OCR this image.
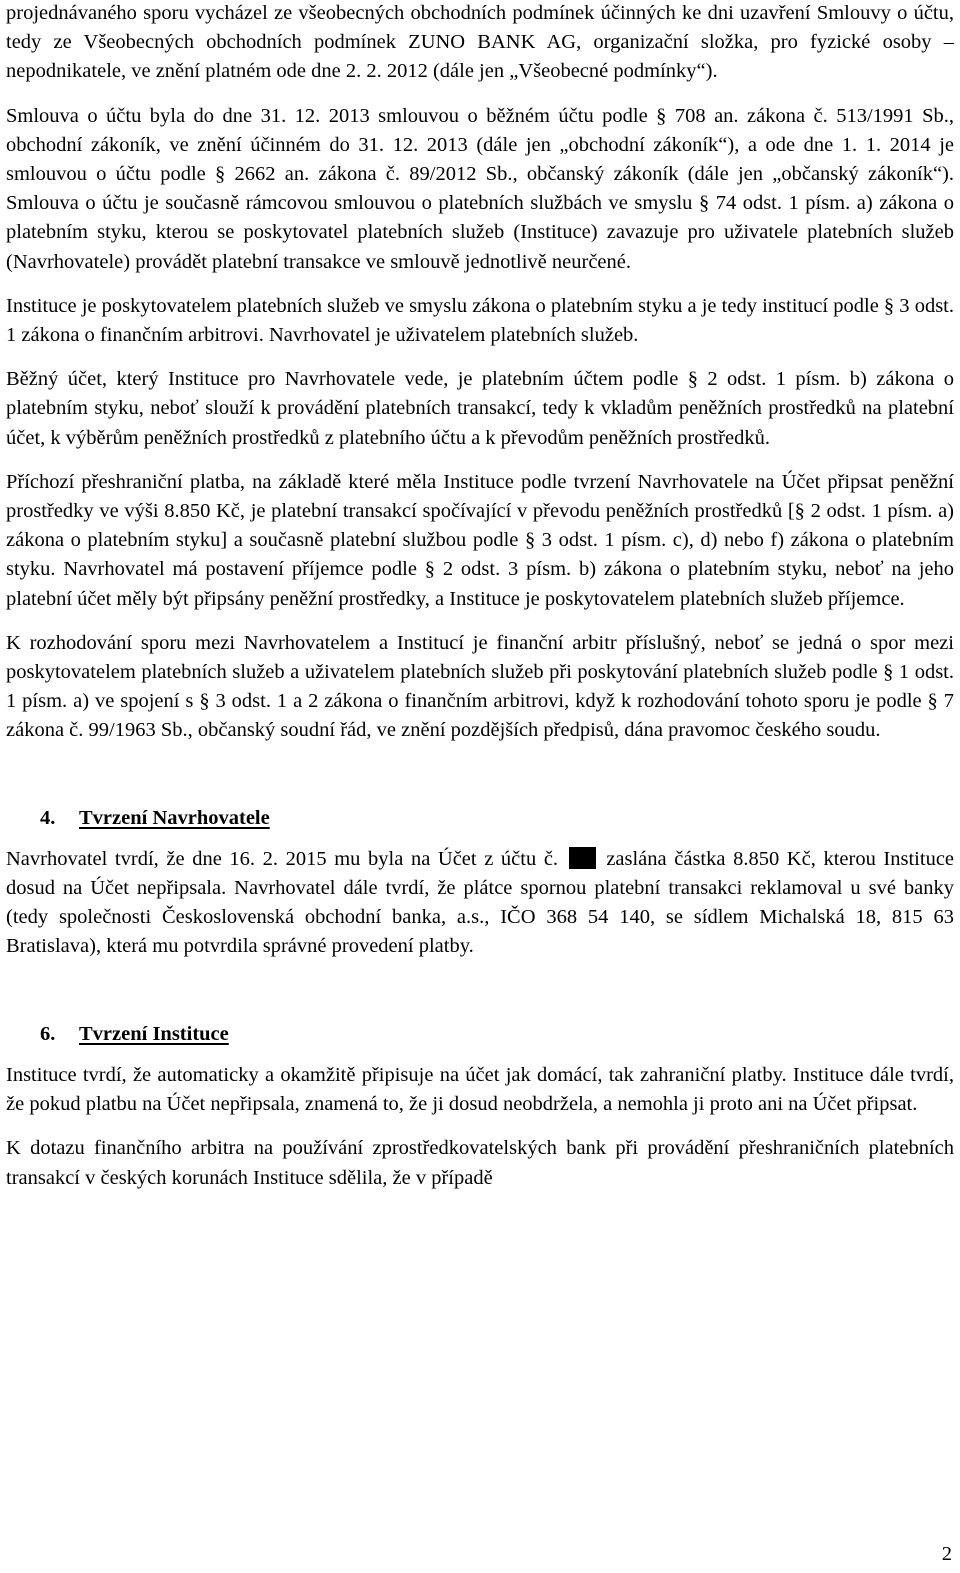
projednávaného sporu vycházel ze všeobecných obchodních podmínek účinných ke dni uzavření Smlouvy o účtu, tedy ze Všeobecných obchodních podmínek ZUNO BANK AG, organizační složka, pro fyzické osoby – nepodnikatele, ve znění platném ode dne 2. 2. 2012 (dále jen „Všeobecné podmínky“).

Smlouva o účtu byla do dne 31. 12. 2013 smlouvou o běžném účtu podle § 708 an. zákona č. 513/1991 Sb., obchodní zákoník, ve znění účinném do 31. 12. 2013 (dále jen „obchodní zákoník“), a ode dne 1. 1. 2014 je smlouvou o účtu podle § 2662 an. zákona č. 89/2012 Sb., občanský zákoník (dále jen „občanský zákoník“). Smlouva o účtu je současně rámcovou smlouvou o platebních službách ve smyslu § 74 odst. 1 písm. a) zákona o platebním styku, kterou se poskytovatel platebních služeb (Instituce) zavazuje pro uživatele platebních služeb (Navrhovatele) provádět platební transakce ve smlouvě jednotlivě neurčené.

Instituce je poskytovatelem platebních služeb ve smyslu zákona o platebním styku a je tedy institucí podle § 3 odst. 1 zákona o finančním arbitrovi. Navrhovatel je uživatelem platebních služeb.

Běžný účet, který Instituce pro Navrhovatele vede, je platebním účtem podle § 2 odst. 1 písm. b) zákona o platebním styku, neboť slouží k provádění platebních transakcí, tedy k vkladům peněžních prostředků na platební účet, k výběrům peněžních prostředků z platebního účtu a k převodům peněžních prostředků.

Příchozí přeshraniční platba, na základě které měla Instituce podle tvrzení Navrhovatele na Účet připsat peněžní prostředky ve výši 8.850 Kč, je platební transakcí spočívající v převodu peněžních prostředků [§ 2 odst. 1 písm. a) zákona o platebním styku] a současně platební službou podle § 3 odst. 1 písm. c), d) nebo f) zákona o platebním styku. Navrhovatel má postavení příjemce podle § 2 odst. 3 písm. b) zákona o platebním styku, neboť na jeho platební účet měly být připsány peněžní prostředky, a Instituce je poskytovatelem platebních služeb příjemce.

K rozhodování sporu mezi Navrhovatelem a Institucí je finanční arbitr příslušný, neboť se jedná o spor mezi poskytovatelem platebních služeb a uživatelem platebních služeb při poskytování platebních služeb podle § 1 odst. 1 písm. a) ve spojení s § 3 odst. 1 a 2 zákona o finančním arbitrovi, když k rozhodování tohoto sporu je podle § 7 zákona č. 99/1963 Sb., občanský soudní řád, ve znění pozdějších předpisů, dána pravomoc českého soudu.

4.	Tvrzení Navrhovatele

Navrhovatel tvrdí, že dne 16. 2. 2015 mu byla na Účet z účtu č. zaslána částka 8.850 Kč, kterou Instituce dosud na Účet nepřipsala. Navrhovatel dále tvrdí, že plátce spornou platební transakci reklamoval u své banky (tedy společnosti Československá obchodní banka, a.s., IČO 368 54 140, se sídlem Michalská 18, 815 63 Bratislava), která mu potvrdila správné provedení platby.

6.	Tvrzení Instituce

Instituce tvrdí, že automaticky a okamžitě připisuje na účet jak domácí, tak zahraniční platby. Instituce dále tvrdí, že pokud platbu na Účet nepřipsala, znamená to, že ji dosud neobdržela, a nemohla ji proto ani na Účet připsat.

K dotazu finančního arbitra na používání zprostředkovatelských bank při provádění přeshraničních platebních transakcí v českých korunách Instituce sdělila, že v případě

2
